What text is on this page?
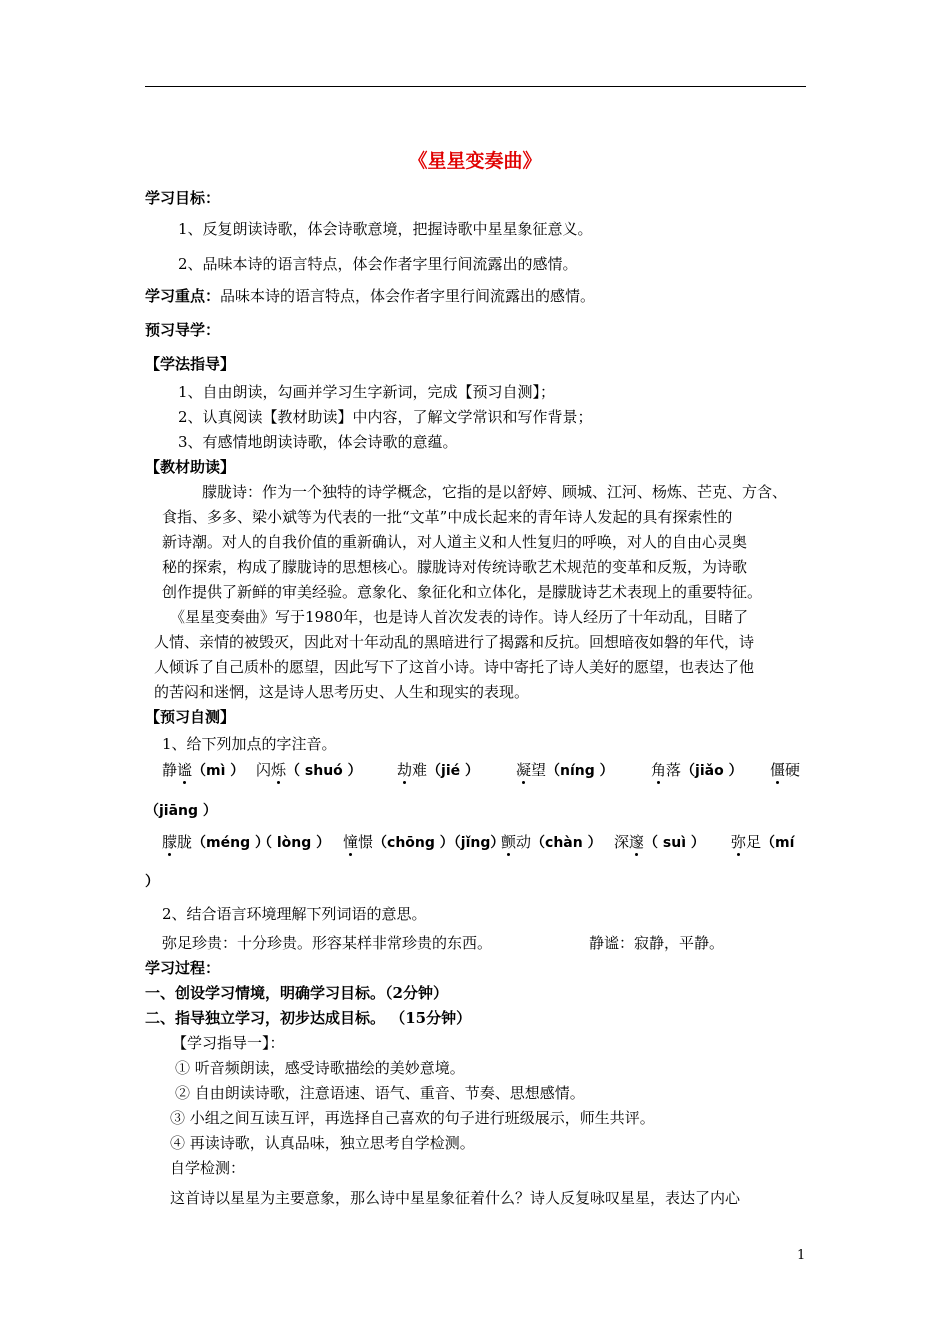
《星星变奏曲》
学习目标：
1、反复朗读诗歌，体会诗歌意境，把握诗歌中星星象征意义。
2、品味本诗的语言特点，体会作者字里行间流露出的感情。
学习重点：品味本诗的语言特点，体会作者字里行间流露出的感情。
预习导学：
【学法指导】
1、自由朗读，勾画并学习生字新词，完成【预习自测】；
2、认真阅读【教材助读】中内容，了解文学常识和写作背景；
3、有感情地朗读诗歌，体会诗歌的意蕴。
【教材助读】
朦胧诗：作为一个独特的诗学概念，它指的是以舒婷、顾城、江河、杨炼、芒克、方含、
食指、多多、梁小斌等为代表的一批“文革”中成长起来的青年诗人发起的具有探索性的
新诗潮。对人的自我价值的重新确认，对人道主义和人性复归的呼唤，对人的自由心灵奥
秘的探索，构成了朦胧诗的思想核心。朦胧诗对传统诗歌艺术规范的变革和反叛，为诗歌
创作提供了新鲜的审美经验。意象化、象征化和立体化，是朦胧诗艺术表现上的重要特征。
《星星变奏曲》写于1980年，也是诗人首次发表的诗作。诗人经历了十年动乱，目睹了
人情、亲情的被毁灭，因此对十年动乱的黑暗进行了揭露和反抗。回想暗夜如磐的年代，诗
人倾诉了自己质朴的愿望，因此写下了这首小诗。诗中寄托了诗人美好的愿望，也表达了他
的苦闷和迷惘，这是诗人思考历史、人生和现实的表现。
【预习自测】
1、给下列加点的字注音。
静谧（mì ） 闪烁（ shuó ） 劫难（jié ） 凝望（níng ） 角落（jiǎo ） 僵硬
（jiāng ）
朦胧（méng ）
（ lòng ） 憧憬（chōng ）（jǐng）
颤动（chàn ） 深邃（ suì ） 弥足（mí
）
2、结合语言环境理解下列词语的意思。
弥足珍贵：十分珍贵。形容某样非常珍贵的东西。	静谧：寂静，平静。
学习过程：
一、创设学习情境，明确学习目标。（2分钟）
二、指导独立学习，初步达成目标。 （15分钟）
【学习指导一】：
① 听音频朗读，感受诗歌描绘的美妙意境。
② 自由朗读诗歌，注意语速、语气、重音、节奏、思想感情。
③ 小组之间互读互评，再选择自己喜欢的句子进行班级展示，师生共评。
④ 再读诗歌，认真品味，独立思考自学检测。
自学检测：
这首诗以星星为主要意象，那么诗中星星象征着什么？诗人反复咏叹星星，表达了内心
1
